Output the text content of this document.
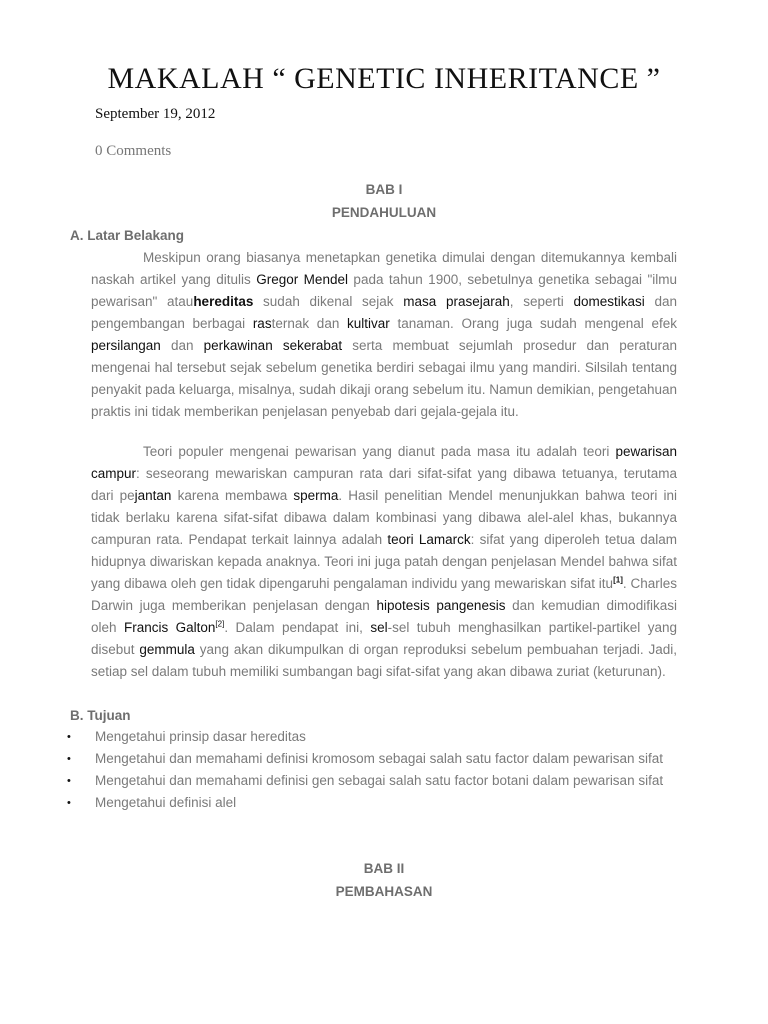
MAKALAH “ GENETIC INHERITANCE ”
September 19, 2012
0 Comments
BAB I
PENDAHULUAN
A. Latar Belakang

Meskipun orang biasanya menetapkan genetika dimulai dengan ditemukannya kembali naskah artikel yang ditulis Gregor Mendel pada tahun 1900, sebetulnya genetika sebagai "ilmu pewarisan" atauhereditas sudah dikenal sejak masa prasejarah, seperti domestikasi dan pengembangan berbagai rasternak dan kultivar tanaman. Orang juga sudah mengenal efek persilangan dan perkawinan sekerabat serta membuat sejumlah prosedur dan peraturan mengenai hal tersebut sejak sebelum genetika berdiri sebagai ilmu yang mandiri. Silsilah tentang penyakit pada keluarga, misalnya, sudah dikaji orang sebelum itu. Namun demikian, pengetahuan praktis ini tidak memberikan penjelasan penyebab dari gejala-gejala itu.

Teori populer mengenai pewarisan yang dianut pada masa itu adalah teori pewarisan campur: seseorang mewariskan campuran rata dari sifat-sifat yang dibawa tetuanya, terutama dari pejantan karena membawa sperma. Hasil penelitian Mendel menunjukkan bahwa teori ini tidak berlaku karena sifat-sifat dibawa dalam kombinasi yang dibawa alel-alel khas, bukannya campuran rata. Pendapat terkait lainnya adalah teori Lamarck: sifat yang diperoleh tetua dalam hidupnya diwariskan kepada anaknya. Teori ini juga patah dengan penjelasan Mendel bahwa sifat yang dibawa oleh gen tidak dipengaruhi pengalaman individu yang mewariskan sifat itu[1]. Charles Darwin juga memberikan penjelasan dengan hipotesis pangenesis dan kemudian dimodifikasi oleh Francis Galton[2]. Dalam pendapat ini, sel-sel tubuh menghasilkan partikel-partikel yang disebut gemmula yang akan dikumpulkan di organ reproduksi sebelum pembuahan terjadi. Jadi, setiap sel dalam tubuh memiliki sumbangan bagi sifat-sifat yang akan dibawa zuriat (keturunan).

B. Tujuan
• Mengetahui prinsip dasar hereditas
• Mengetahui dan memahami definisi kromosom sebagai salah satu factor dalam pewarisan sifat
• Mengetahui dan memahami definisi gen sebagai salah satu factor botani dalam pewarisan sifat
• Mengetahui definisi alel
BAB II
PEMBAHASAN
